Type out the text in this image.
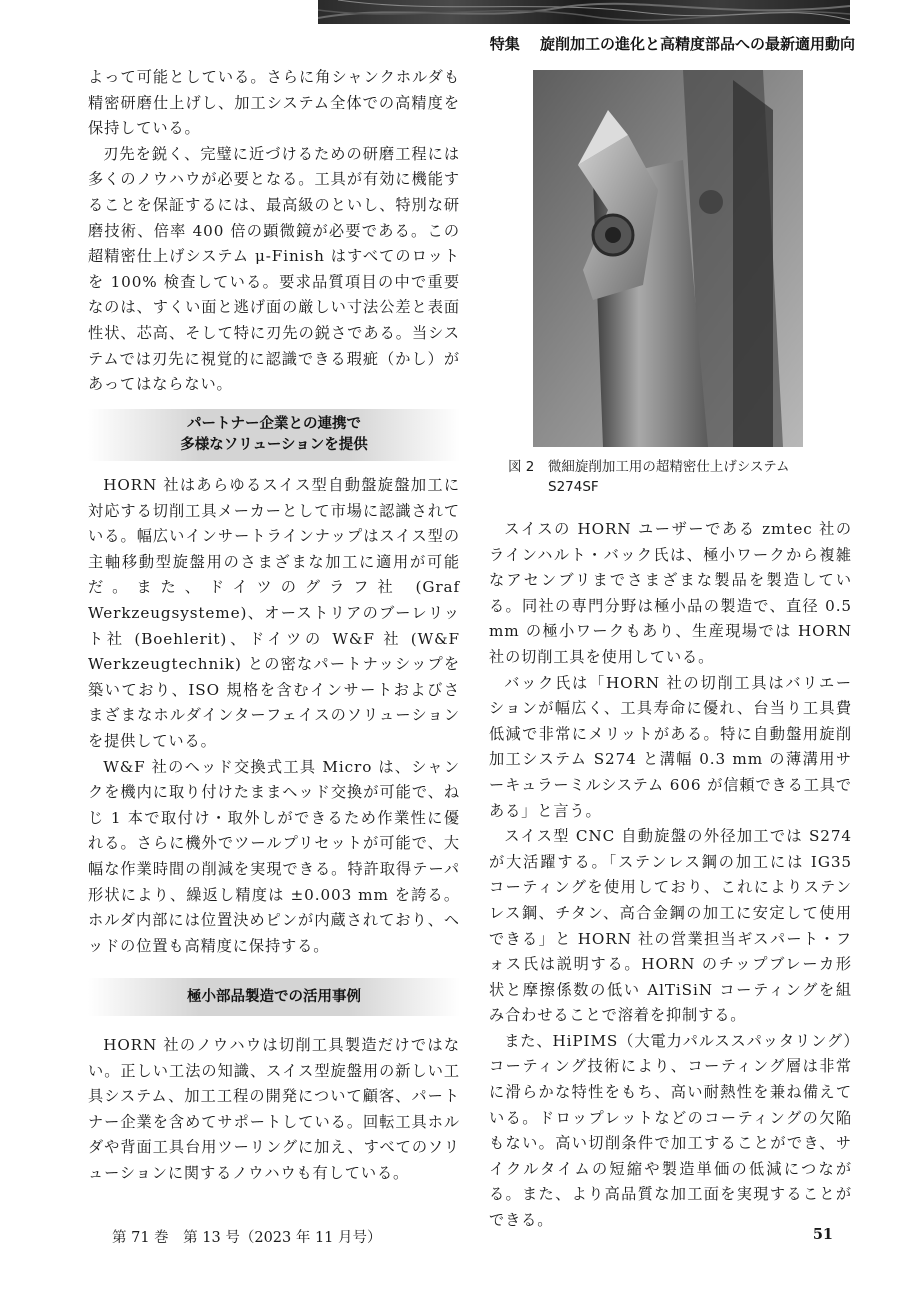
特集　 旋削加工の進化と高精度部品への最新適用動向

よって可能としている。さらに角シャンクホルダも精密研磨仕上げし、加工システム全体での高精度を保持している。

刃先を鋭く、完璧に近づけるための研磨工程には多くのノウハウが必要となる。工具が有効に機能することを保証するには、最高級のといし、特別な研磨技術、倍率 400 倍の顕微鏡が必要である。この超精密仕上げシステム μ-Finish はすべてのロットを 100% 検査している。要求品質項目の中で重要なのは、すくい面と逃げ面の厳しい寸法公差と表面性状、芯高、そして特に刃先の鋭さである。当システムでは刃先に視覚的に認識できる瑕疵（かし）があってはならない。

パートナー企業との連携で
多様なソリューションを提供

HORN 社はあらゆるスイス型自動盤旋盤加工に対応する切削工具メーカーとして市場に認識されている。幅広いインサートラインナップはスイス型の主軸移動型旋盤用のさまざまな加工に適用が可能だ。また、ドイツのグラフ社 (Graf Werkzeugsysteme)、オーストリアのブーレリット社 (Boehlerit)、ドイツの W&F 社 (W&F Werkzeugtechnik) との密なパートナッシップを築いており、ISO 規格を含むインサートおよびさまざまなホルダインターフェイスのソリューションを提供している。

W&F 社のヘッド交換式工具 Micro は、シャンクを機内に取り付けたままヘッド交換が可能で、ねじ 1 本で取付け・取外しができるため作業性に優れる。さらに機外でツールプリセットが可能で、大幅な作業時間の削減を実現できる。特許取得テーパ形状により、繰返し精度は ±0.003 mm を誇る。ホルダ内部には位置決めピンが内蔵されており、ヘッドの位置も高精度に保持する。

極小部品製造での活用事例

HORN 社のノウハウは切削工具製造だけではない。正しい工法の知識、スイス型旋盤用の新しい工具システム、加工工程の開発について顧客、パートナー企業を含めてサポートしている。回転工具ホルダや背面工具台用ツーリングに加え、すべてのソリューションに関するノウハウも有している。

図 2　 微細旋削加工用の超精密仕上げシステム
S274SF

スイスの HORN ユーザーである zmtec 社のラインハルト・バック氏は、極小ワークから複雑なアセンブリまでさまざまな製品を製造している。同社の専門分野は極小品の製造で、直径 0.5 mm の極小ワークもあり、生産現場では HORN 社の切削工具を使用している。

バック氏は「HORN 社の切削工具はバリエーションが幅広く、工具寿命に優れ、台当り工具費低減で非常にメリットがある。特に自動盤用旋削加工システム S274 と溝幅 0.3 mm の薄溝用サーキュラーミルシステム 606 が信頼できる工具である」と言う。

スイス型 CNC 自動旋盤の外径加工では S274 が大活躍する。「ステンレス鋼の加工には IG35 コーティングを使用しており、これによりステンレス鋼、チタン、高合金鋼の加工に安定して使用できる」と HORN 社の営業担当ギスパート・フォス氏は説明する。HORN のチップブレーカ形状と摩擦係数の低い AlTiSiN コーティングを組み合わせることで溶着を抑制する。

また、HiPIMS（大電力パルススパッタリング）コーティング技術により、コーティング層は非常に滑らかな特性をもち、高い耐熱性を兼ね備えている。ドロップレットなどのコーティングの欠陥もない。高い切削条件で加工することができ、サイクルタイムの短縮や製造単価の低減につながる。また、より高品質な加工面を実現することができる。

第 71 巻　第 13 号（2023 年 11 月号）	51
